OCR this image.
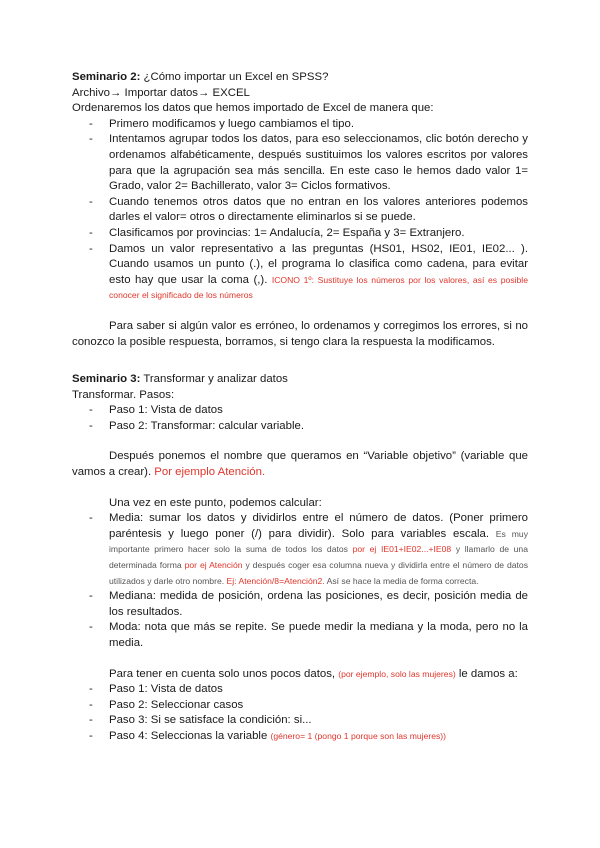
Seminario 2: ¿Cómo importar un Excel en SPSS?

Archivo→ Importar datos→ EXCEL

Ordenaremos los datos que hemos importado de Excel de manera que:

- Primero modificamos y luego cambiamos el tipo.
- Intentamos agrupar todos los datos, para eso seleccionamos, clic botón derecho y ordenamos alfabéticamente, después sustituimos los valores escritos por valores para que la agrupación sea más sencilla. En este caso le hemos dado valor 1= Grado, valor 2= Bachillerato, valor 3= Ciclos formativos.
- Cuando tenemos otros datos que no entran en los valores anteriores podemos darles el valor= otros o directamente eliminarlos si se puede.
- Clasificamos por provincias: 1= Andalucía, 2= España y 3= Extranjero.
- Damos un valor representativo a las preguntas (HS01, HS02, IE01, IE02... ). Cuando usamos un punto (.), el programa lo clasifica como cadena, para evitar esto hay que usar la coma (,). ICONO 1º: Sustituye los números por los valores, así es posible conocer el significado de los números

Para saber si algún valor es erróneo, lo ordenamos y corregimos los errores, si no conozco la posible respuesta, borramos, si tengo clara la respuesta la modificamos.

Seminario 3: Transformar y analizar datos

Transformar. Pasos:

- Paso 1: Vista de datos
- Paso 2: Transformar: calcular variable.

Después ponemos el nombre que queramos en “Variable objetivo” (variable que vamos a crear). Por ejemplo Atención.

Una vez en este punto, podemos calcular:

- Media: sumar los datos y dividirlos entre el número de datos. (Poner primero paréntesis y luego poner (/) para dividir). Solo para variables escala. Es muy importante primero hacer solo la suma de todos los datos por ej IE01+IE02...+IE08 y llamarlo de una determinada forma por ej Atención y después coger esa columna nueva y dividirla entre el número de datos utilizados y darle otro nombre. Ej: Atención/8=Atención2. Así se hace la media de forma correcta.
- Mediana: medida de posición, ordena las posiciones, es decir, posición media de los resultados.
- Moda: nota que más se repite. Se puede medir la mediana y la moda, pero no la media.

Para tener en cuenta solo unos pocos datos, (por ejemplo, solo las mujeres) le damos a:

- Paso 1: Vista de datos
- Paso 2: Seleccionar casos
- Paso 3: Si se satisface la condición: si...
- Paso 4: Seleccionas la variable (género= 1 (pongo 1 porque son las mujeres))
